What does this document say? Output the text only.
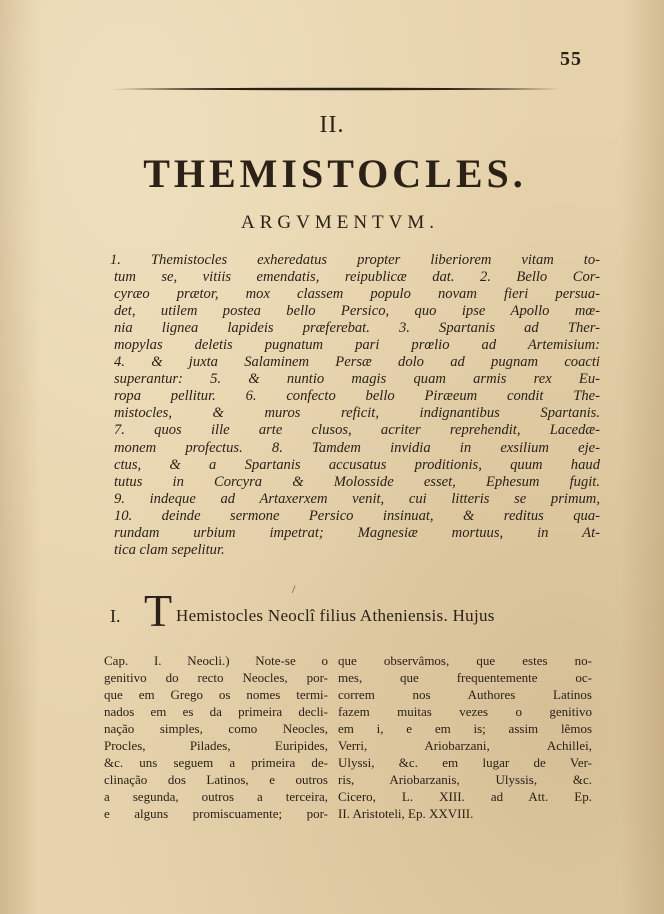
55
II.
THEMISTOCLES.
ARGVMENTVM.
1. Themistocles exheredatus propter liberiorem vitam to-
tum se, vitiis emendatis, reipublicæ dat. 2. Bello Cor-
cyræo prætor, mox classem populo novam fieri persua-
det, utilem postea bello Persico, quo ipse Apollo mœ-
nia lignea lapideis præferebat. 3. Spartanis ad Ther-
mopylas deletis pugnatum pari prœlio ad Artemisium:
4. & juxta Salaminem Persæ dolo ad pugnam coacti
superantur: 5. & nuntio magis quam armis rex Eu-
ropa pellitur. 6. confecto bello Piræeum condit The-
mistocles, & muros reficit, indignantibus Spartanis.
7. quos ille arte clusos, acriter reprehendit, Lacedæ-
monem profectus. 8. Tamdem invidia in exsilium eje-
ctus, & a Spartanis accusatus proditionis, quum haud
tutus in Corcyra & Molosside esset, Ephesum fugit.
9. indeque ad Artaxerxem venit, cui litteris se primum,
10. deinde sermone Persico insinuat, & reditus qua-
rundam urbium impetrat; Magnesiæ mortuus, in At-
tica clam sepelitur.
/
I. T Hemistocles Neoclî filius Atheniensis. Hujus
Cap. I. Neocli.) Note-se o
genitivo do recto Neocles, por-
que em Grego os nomes termi-
nados em es da primeira decli-
nação simples, como Neocles,
Procles, Pilades, Euripides,
&c. uns seguem a primeira de-
clinação dos Latinos, e outros
a segunda, outros a terceira,
e alguns promiscuamente; por-
que observâmos, que estes no-
mes, que frequentemente oc-
correm nos Authores Latinos
fazem muitas vezes o genitivo
em i, e em is; assim lêmos
Verri, Ariobarzani, Achillei,
Ulyssi, &c. em lugar de Ver-
ris, Ariobarzanis, Ulyssis, &c.
Cicero, L. XIII. ad Att. Ep.
II. Aristoteli, Ep. XXVIII.
